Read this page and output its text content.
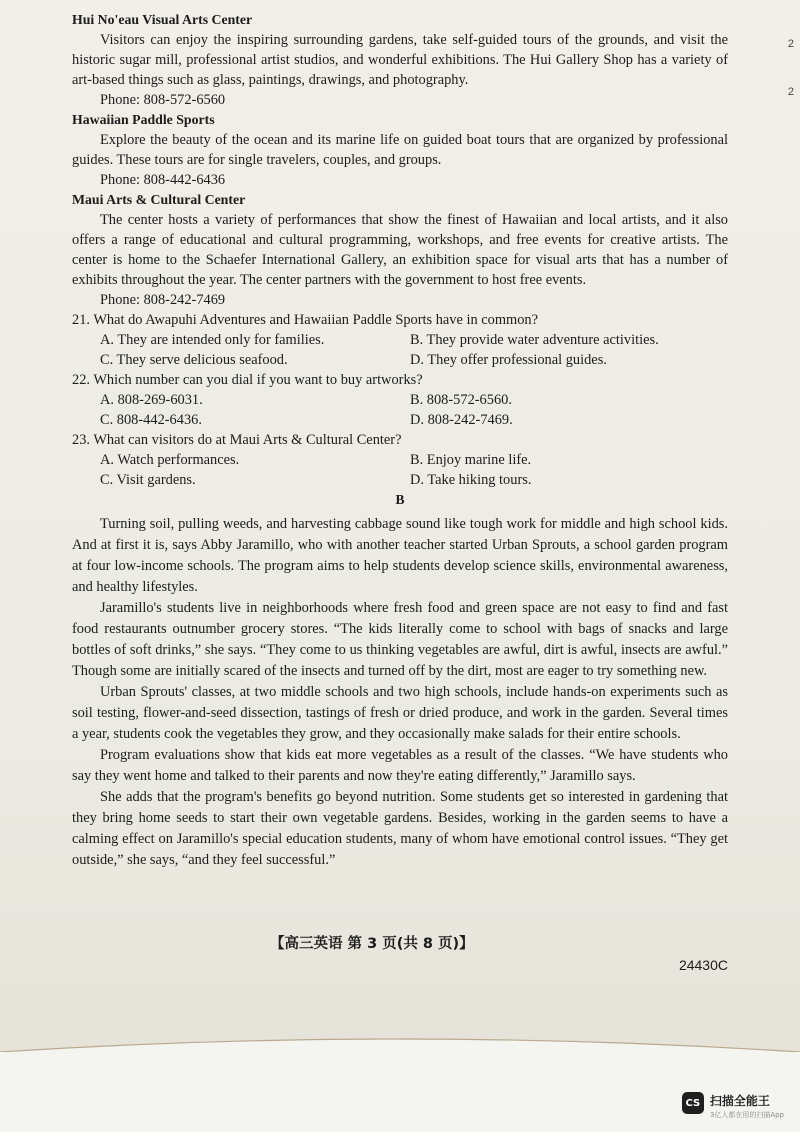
2
2

Hui No'eau Visual Arts Center

Visitors can enjoy the inspiring surrounding gardens, take self-guided tours of the grounds, and visit the historic sugar mill, professional artist studios, and wonderful exhibitions. The Hui Gallery Shop has a variety of art-based things such as glass, paintings, drawings, and photography.

Phone: 808-572-6560

Hawaiian Paddle Sports

Explore the beauty of the ocean and its marine life on guided boat tours that are organized by professional guides. These tours are for single travelers, couples, and groups.

Phone: 808-442-6436

Maui Arts & Cultural Center

The center hosts a variety of performances that show the finest of Hawaiian and local artists, and it also offers a range of educational and cultural programming, workshops, and free events for creative artists. The center is home to the Schaefer International Gallery, an exhibition space for visual arts that has a number of exhibits throughout the year. The center partners with the government to host free events.

Phone: 808-242-7469

21. What do Awapuhi Adventures and Hawaiian Paddle Sports have in common?

A. They are intended only for families.	B. They provide water adventure activities.
C. They serve delicious seafood.	D. They offer professional guides.

22. Which number can you dial if you want to buy artworks?

A. 808-269-6031.	B. 808-572-6560.
C. 808-442-6436.	D. 808-242-7469.

23. What can visitors do at Maui Arts & Cultural Center?

A. Watch performances.	B. Enjoy marine life.
C. Visit gardens.	D. Take hiking tours.

B

Turning soil, pulling weeds, and harvesting cabbage sound like tough work for middle and high school kids. And at first it is, says Abby Jaramillo, who with another teacher started Urban Sprouts, a school garden program at four low-income schools. The program aims to help students develop science skills, environmental awareness, and healthy lifestyles.

Jaramillo's students live in neighborhoods where fresh food and green space are not easy to find and fast food restaurants outnumber grocery stores. “The kids literally come to school with bags of snacks and large bottles of soft drinks,” she says. “They come to us thinking vegetables are awful, dirt is awful, insects are awful.” Though some are initially scared of the insects and turned off by the dirt, most are eager to try something new.

Urban Sprouts' classes, at two middle schools and two high schools, include hands-on experiments such as soil testing, flower-and-seed dissection, tastings of fresh or dried produce, and work in the garden. Several times a year, students cook the vegetables they grow, and they occasionally make salads for their entire schools.

Program evaluations show that kids eat more vegetables as a result of the classes. “We have students who say they went home and talked to their parents and now they're eating differently,” Jaramillo says.

She adds that the program's benefits go beyond nutrition. Some students get so interested in gardening that they bring home seeds to start their own vegetable gardens. Besides, working in the garden seems to have a calming effect on Jaramillo's special education students, many of whom have emotional control issues. “They get outside,” she says, “and they feel successful.”

【高三英语 第 3 页(共 8 页)】
24430C
CS 扫描全能王
3亿人都在用的扫描App
